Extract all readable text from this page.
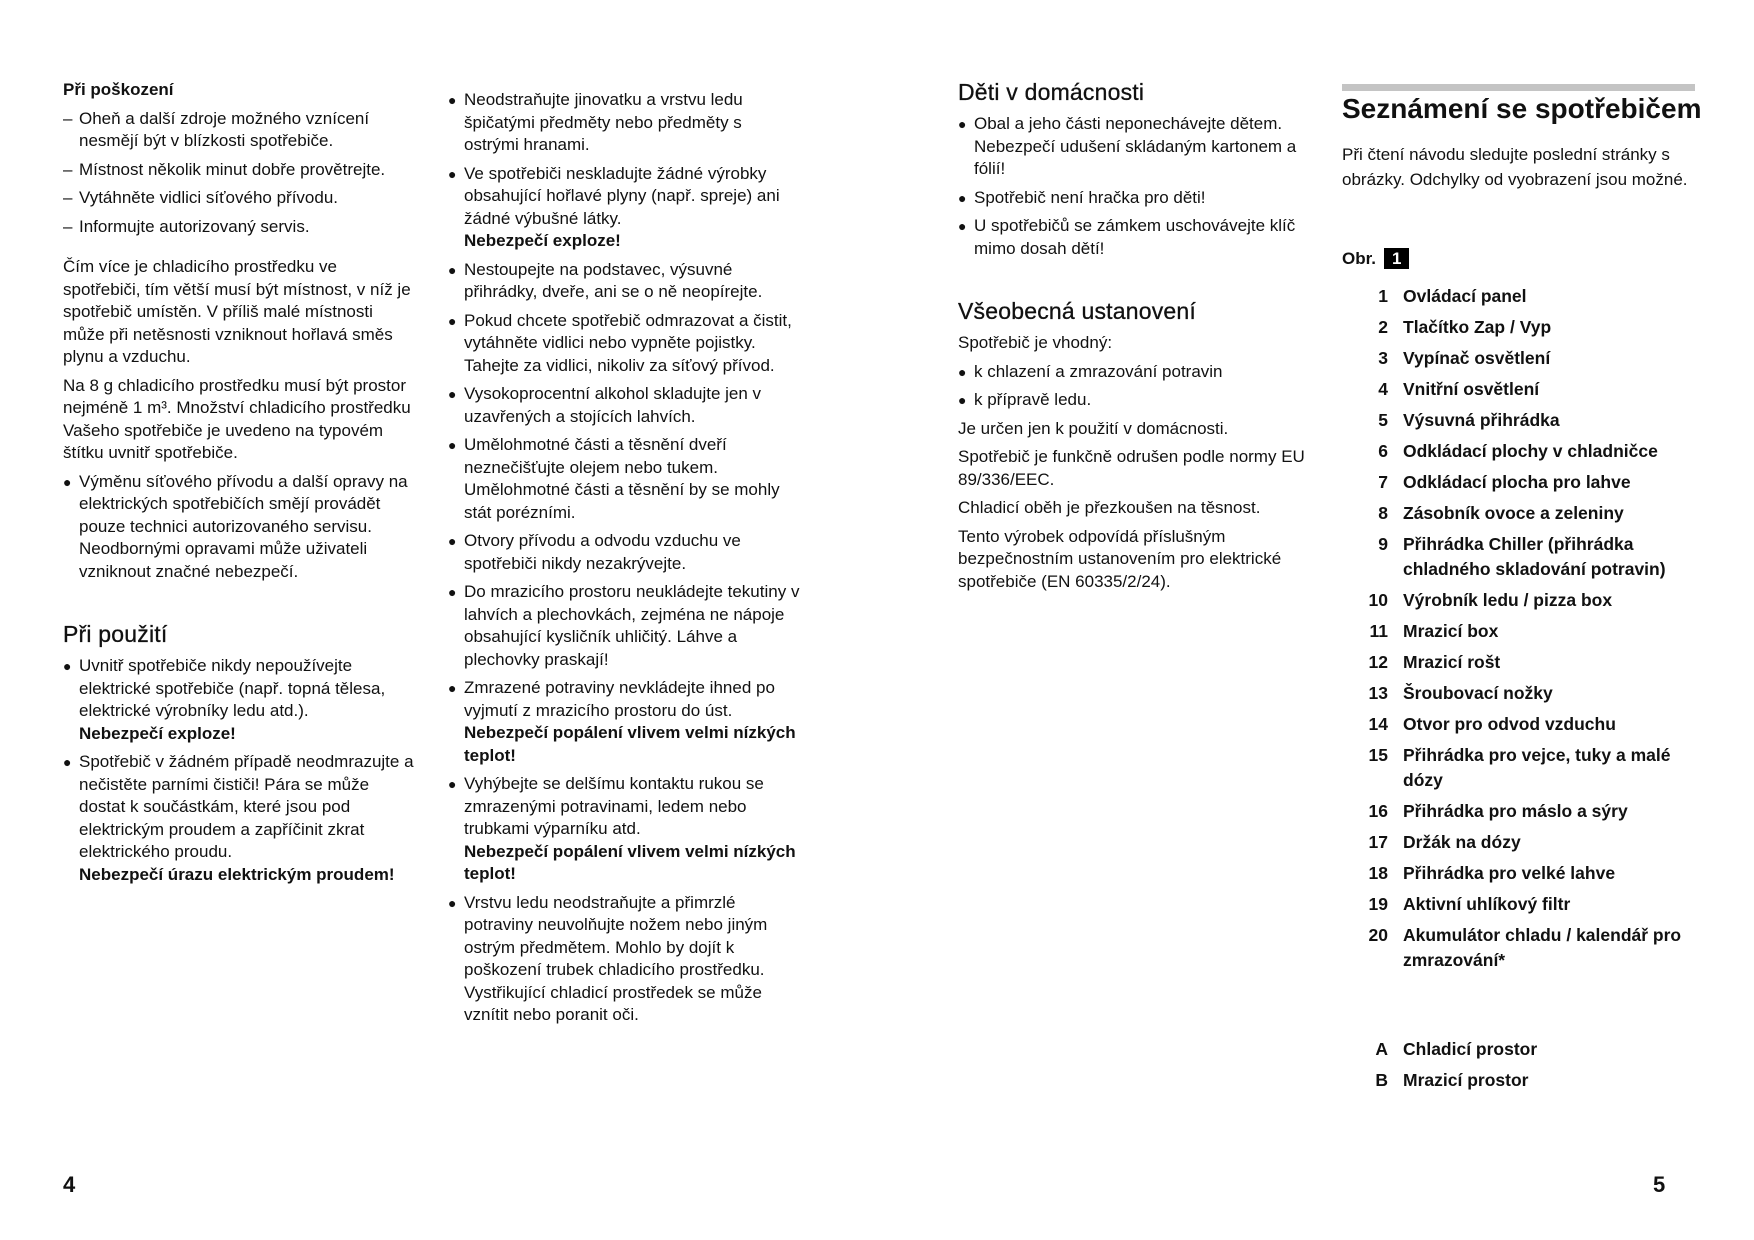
Při poškození
– Oheň a další zdroje možného vznícení nesmějí být v blízkosti spotřebiče.
– Místnost několik minut dobře provětrejte.
– Vytáhněte vidlici síťového přívodu.
– Informujte autorizovaný servis.
Čím více je chladicího prostředku ve spotřebiči, tím větší musí být místnost, v níž je spotřebič umístěn. V příliš malé místnosti může při netěsnosti vzniknout hořlavá směs plynu a vzduchu.
Na 8 g chladicího prostředku musí být prostor nejméně 1 m³. Množství chladicího prostředku Vašeho spotřebiče je uvedeno na typovém štítku uvnitř spotřebiče.
● Výměnu síťového přívodu a další opravy na elektrických spotřebičích smějí provádět pouze technici autorizovaného servisu. Neodbornými opravami může uživateli vzniknout značné nebezpečí.
Při použití
● Uvnitř spotřebiče nikdy nepoužívejte elektrické spotřebiče (např. topná tělesa, elektrické výrobníky ledu atd.).
Nebezpečí exploze!
● Spotřebič v žádném případě neodmrazujte a nečistěte parními čističi! Pára se může dostat k součástkám, které jsou pod elektrickým proudem a zapříčinit zkrat elektrického proudu.
Nebezpečí úrazu elektrickým proudem!
● Neodstraňujte jinovatku a vrstvu ledu špičatými předměty nebo předměty s ostrými hranami.
● Ve spotřebiči neskladujte žádné výrobky obsahující hořlavé plyny (např. spreje) ani žádné výbušné látky.
Nebezpečí exploze!
● Nestoupejte na podstavec, výsuvné přihrádky, dveře, ani se o ně neopírejte.
● Pokud chcete spotřebič odmrazovat a čistit, vytáhněte vidlici nebo vypněte pojistky. Tahejte za vidlici, nikoliv za síťový přívod.
● Vysokoprocentní alkohol skladujte jen v uzavřených a stojících lahvích.
● Umělohmotné části a těsnění dveří neznečišťujte olejem nebo tukem. Umělohmotné části a těsnění by se mohly stát porézními.
● Otvory přívodu a odvodu vzduchu ve spotřebiči nikdy nezakrývejte.
● Do mrazicího prostoru neukládejte tekutiny v lahvích a plechovkách, zejména ne nápoje obsahující kysličník uhličitý. Láhve a plechovky praskají!
● Zmrazené potraviny nevkládejte ihned po vyjmutí z mrazicího prostoru do úst.
Nebezpečí popálení vlivem velmi nízkých teplot!
● Vyhýbejte se delšímu kontaktu rukou se zmrazenými potravinami, ledem nebo trubkami výparníku atd.
Nebezpečí popálení vlivem velmi nízkých teplot!
● Vrstvu ledu neodstraňujte a přimrzlé potraviny neuvolňujte nožem nebo jiným ostrým předmětem. Mohlo by dojít k poškození trubek chladicího prostředku. Vystřikující chladicí prostředek se může vznítit nebo poranit oči.
Děti v domácnosti
● Obal a jeho části neponechávejte dětem. Nebezpečí udušení skládaným kartonem a fólií!
● Spotřebič není hračka pro děti!
● U spotřebičů se zámkem uschovávejte klíč mimo dosah dětí!
Všeobecná ustanovení
Spotřebič je vhodný:
● k chlazení a zmrazování potravin
● k přípravě ledu.
Je určen jen k použití v domácnosti.
Spotřebič je funkčně odrušen podle normy EU 89/336/EEC.
Chladicí oběh je přezkoušen na těsnost.
Tento výrobek odpovídá příslušným bezpečnostním ustanovením pro elektrické spotřebiče (EN 60335/2/24).
Seznámení se spotřebičem
Při čtení návodu sledujte poslední stránky s obrázky. Odchylky od vyobrazení jsou možné.
Obr. 1
1 Ovládací panel
2 Tlačítko Zap / Vyp
3 Vypínač osvětlení
4 Vnitřní osvětlení
5 Výsuvná přihrádka
6 Odkládací plochy v chladničce
7 Odkládací plocha pro lahve
8 Zásobník ovoce a zeleniny
9 Přihrádka Chiller (přihrádka chladného skladování potravin)
10 Výrobník ledu / pizza box
11 Mrazicí box
12 Mrazicí rošt
13 Šroubovací nožky
14 Otvor pro odvod vzduchu
15 Přihrádka pro vejce, tuky a malé dózy
16 Přihrádka pro máslo a sýry
17 Držák na dózy
18 Přihrádka pro velké lahve
19 Aktivní uhlíkový filtr
20 Akumulátor chladu / kalendář pro zmrazování*
A Chladicí prostor
B Mrazicí prostor
4	5
